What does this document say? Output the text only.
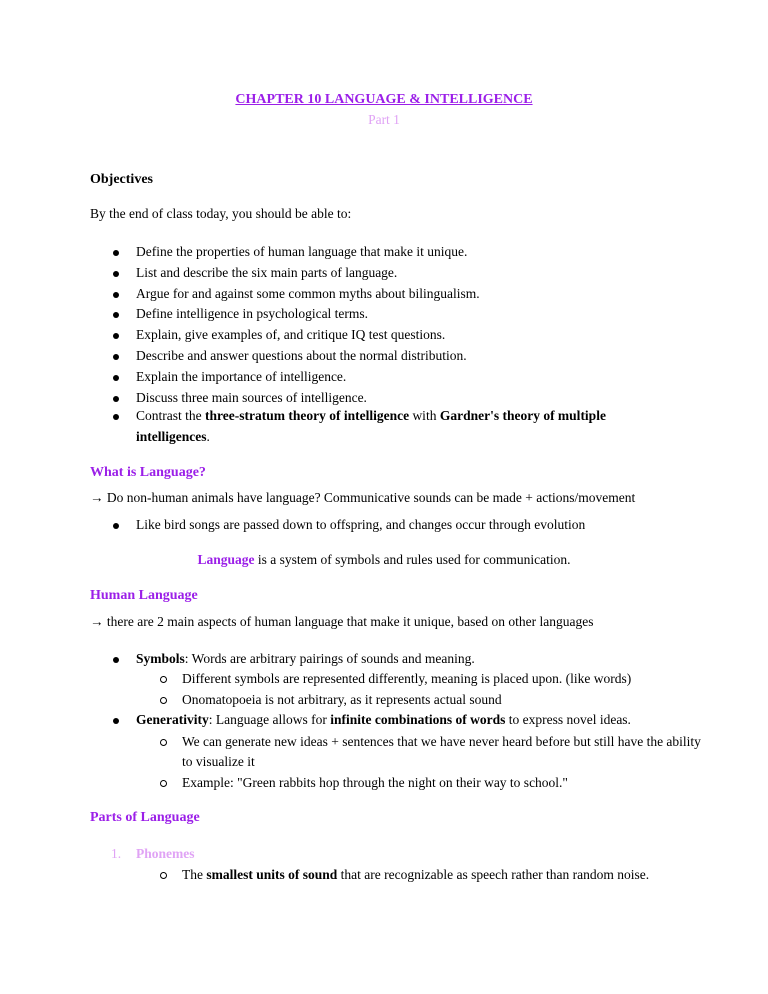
CHAPTER 10 LANGUAGE & INTELLIGENCE
Part 1
Objectives
By the end of class today, you should be able to:
Define the properties of human language that make it unique.
List and describe the six main parts of language.
Argue for and against some common myths about bilingualism.
Define intelligence in psychological terms.
Explain, give examples of, and critique IQ test questions.
Describe and answer questions about the normal distribution.
Explain the importance of intelligence.
Discuss three main sources of intelligence.
Contrast the three-stratum theory of intelligence with Gardner's theory of multiple
intelligences.
What is Language?
→ Do non-human animals have language? Communicative sounds can be made + actions/movement
Like bird songs are passed down to offspring, and changes occur through evolution
Language is a system of symbols and rules used for communication.
Human Language
→ there are 2 main aspects of human language that make it unique, based on other languages
Symbols: Words are arbitrary pairings of sounds and meaning.
Different symbols are represented differently, meaning is placed upon. (like words)
Onomatopoeia is not arbitrary, as it represents actual sound
Generativity: Language allows for infinite combinations of words to express novel ideas.
We can generate new ideas + sentences that we have never heard before but still have the ability
to visualize it
Example: "Green rabbits hop through the night on their way to school."
Parts of Language
1. Phonemes
The smallest units of sound that are recognizable as speech rather than random noise.
